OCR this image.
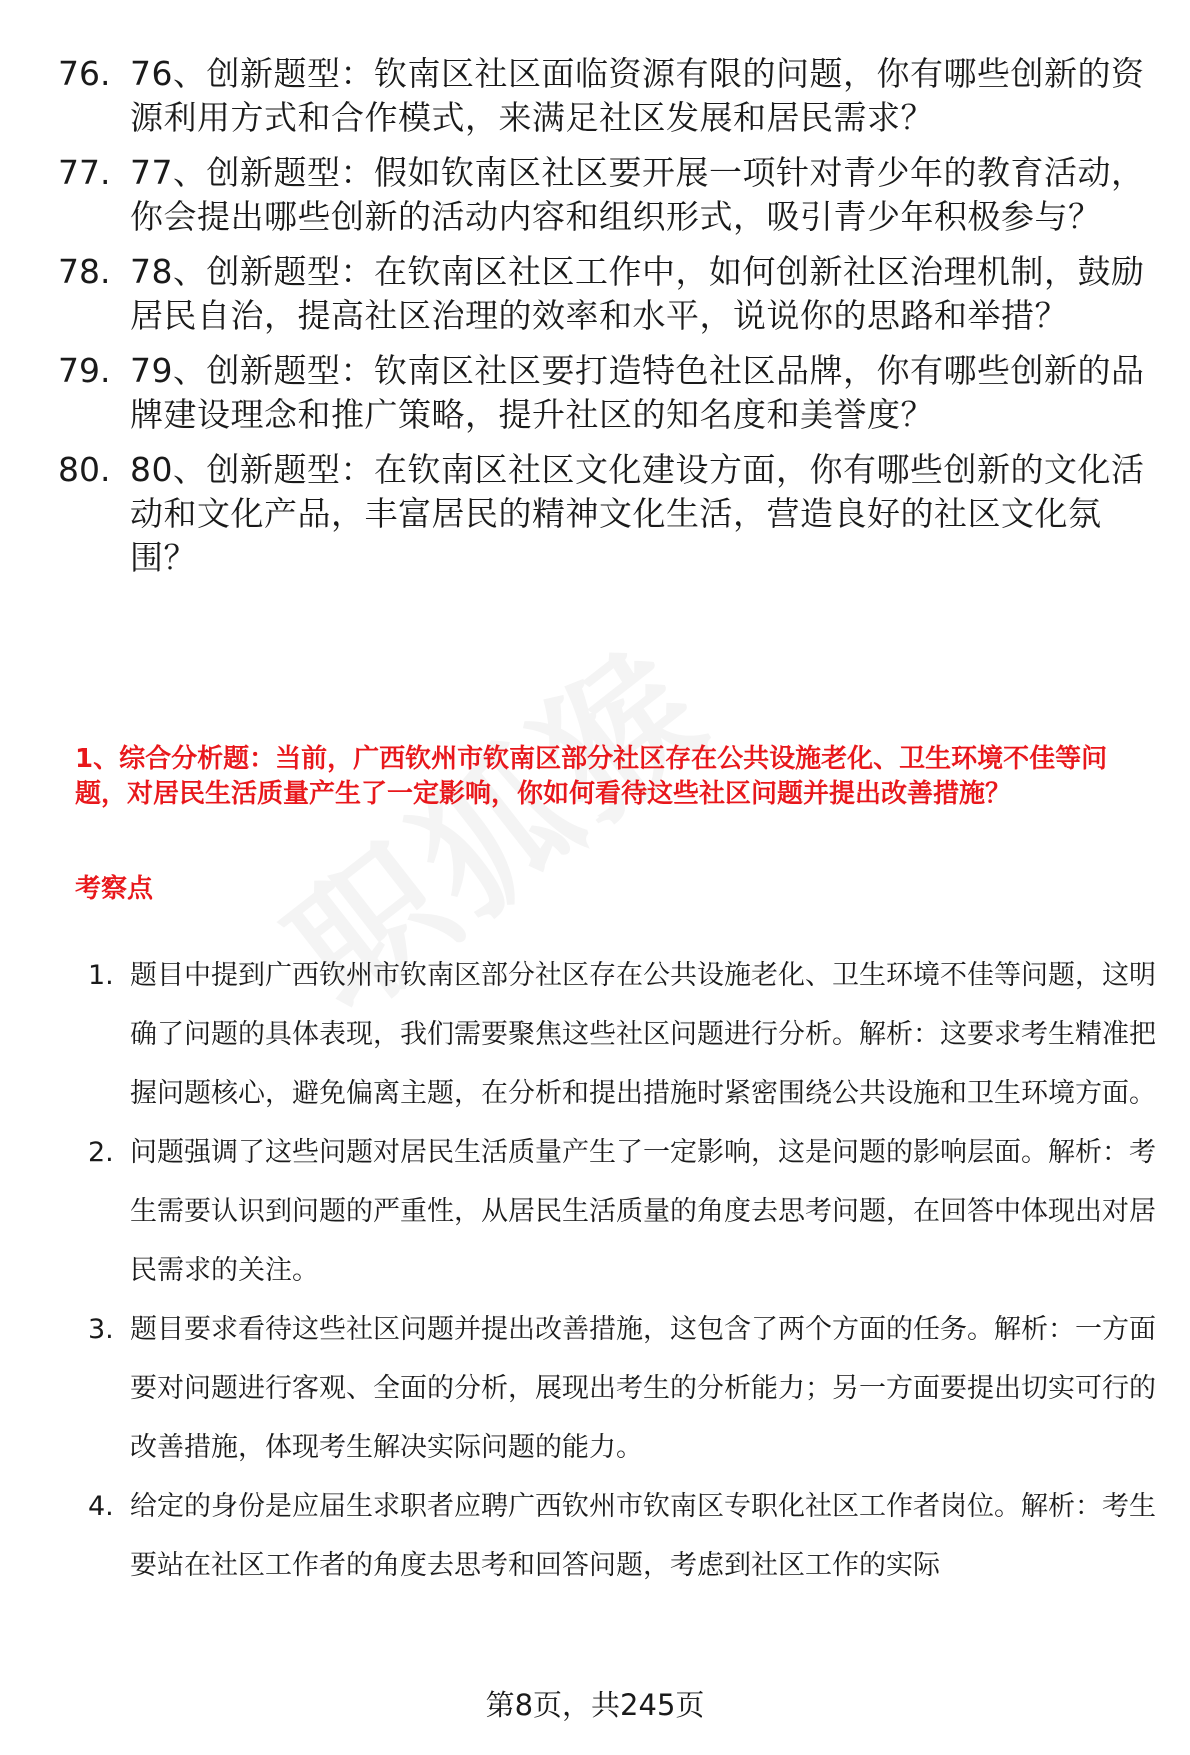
76. 76、创新题型：钦南区社区面临资源有限的问题，你有哪些创新的资源利用方式和合作模式，来满足社区发展和居民需求？
77. 77、创新题型：假如钦南区社区要开展一项针对青少年的教育活动，你会提出哪些创新的活动内容和组织形式，吸引青少年积极参与？
78. 78、创新题型：在钦南区社区工作中，如何创新社区治理机制，鼓励居民自治，提高社区治理的效率和水平，说说你的思路和举措？
79. 79、创新题型：钦南区社区要打造特色社区品牌，你有哪些创新的品牌建设理念和推广策略，提升社区的知名度和美誉度？
80. 80、创新题型：在钦南区社区文化建设方面，你有哪些创新的文化活动和文化产品，丰富居民的精神文化生活，营造良好的社区文化氛围？

1、综合分析题：当前，广西钦州市钦南区部分社区存在公共设施老化、卫生环境不佳等问题，对居民生活质量产生了一定影响，你如何看待这些社区问题并提出改善措施？

考察点

1. 题目中提到广西钦州市钦南区部分社区存在公共设施老化、卫生环境不佳等问题，这明确了问题的具体表现，我们需要聚焦这些社区问题进行分析。解析：这要求考生精准把握问题核心，避免偏离主题，在分析和提出措施时紧密围绕公共设施和卫生环境方面。
2. 问题强调了这些问题对居民生活质量产生了一定影响，这是问题的影响层面。解析：考生需要认识到问题的严重性，从居民生活质量的角度去思考问题，在回答中体现出对居民需求的关注。
3. 题目要求看待这些社区问题并提出改善措施，这包含了两个方面的任务。解析：一方面要对问题进行客观、全面的分析，展现出考生的分析能力；另一方面要提出切实可行的改善措施，体现考生解决实际问题的能力。
4. 给定的身份是应届生求职者应聘广西钦州市钦南区专职化社区工作者岗位。解析：考生要站在社区工作者的角度去思考和回答问题，考虑到社区工作的实际
第8页，共245页
